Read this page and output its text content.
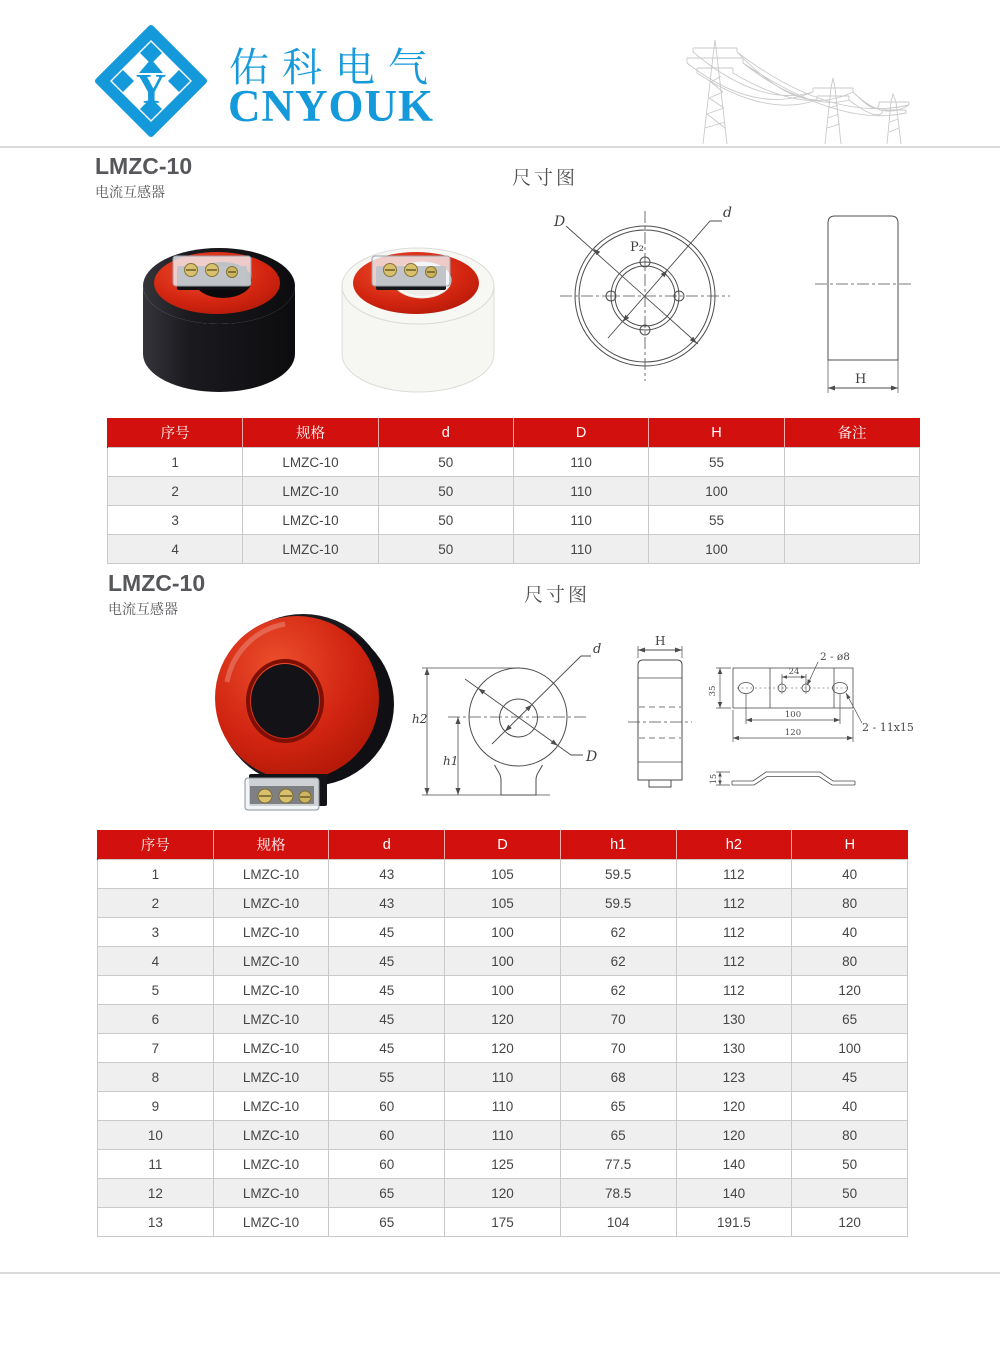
Y 佑科电气
CNYOUK
LMZC-10
电流互感器
尺寸图
D
d
P₂
H
序号	规格	d	D	H	备注
1	LMZC-10	50	110	55	
2	LMZC-10	50	110	100	
3	LMZC-10	50	110	55	
4	LMZC-10	50	110	100	
LMZC-10
电流互感器
尺寸图
h2
h1
d
D
H
24
35
100
120
2 - ø8
2 - 11x15
15
序号	规格	d	D	h1	h2	H
1	LMZC-10	43	105	59.5	112	40
2	LMZC-10	43	105	59.5	112	80
3	LMZC-10	45	100	62	112	40
4	LMZC-10	45	100	62	112	80
5	LMZC-10	45	100	62	112	120
6	LMZC-10	45	120	70	130	65
7	LMZC-10	45	120	70	130	100
8	LMZC-10	55	110	68	123	45
9	LMZC-10	60	110	65	120	40
10	LMZC-10	60	110	65	120	80
11	LMZC-10	60	125	77.5	140	50
12	LMZC-10	65	120	78.5	140	50
13	LMZC-10	65	175	104	191.5	120
